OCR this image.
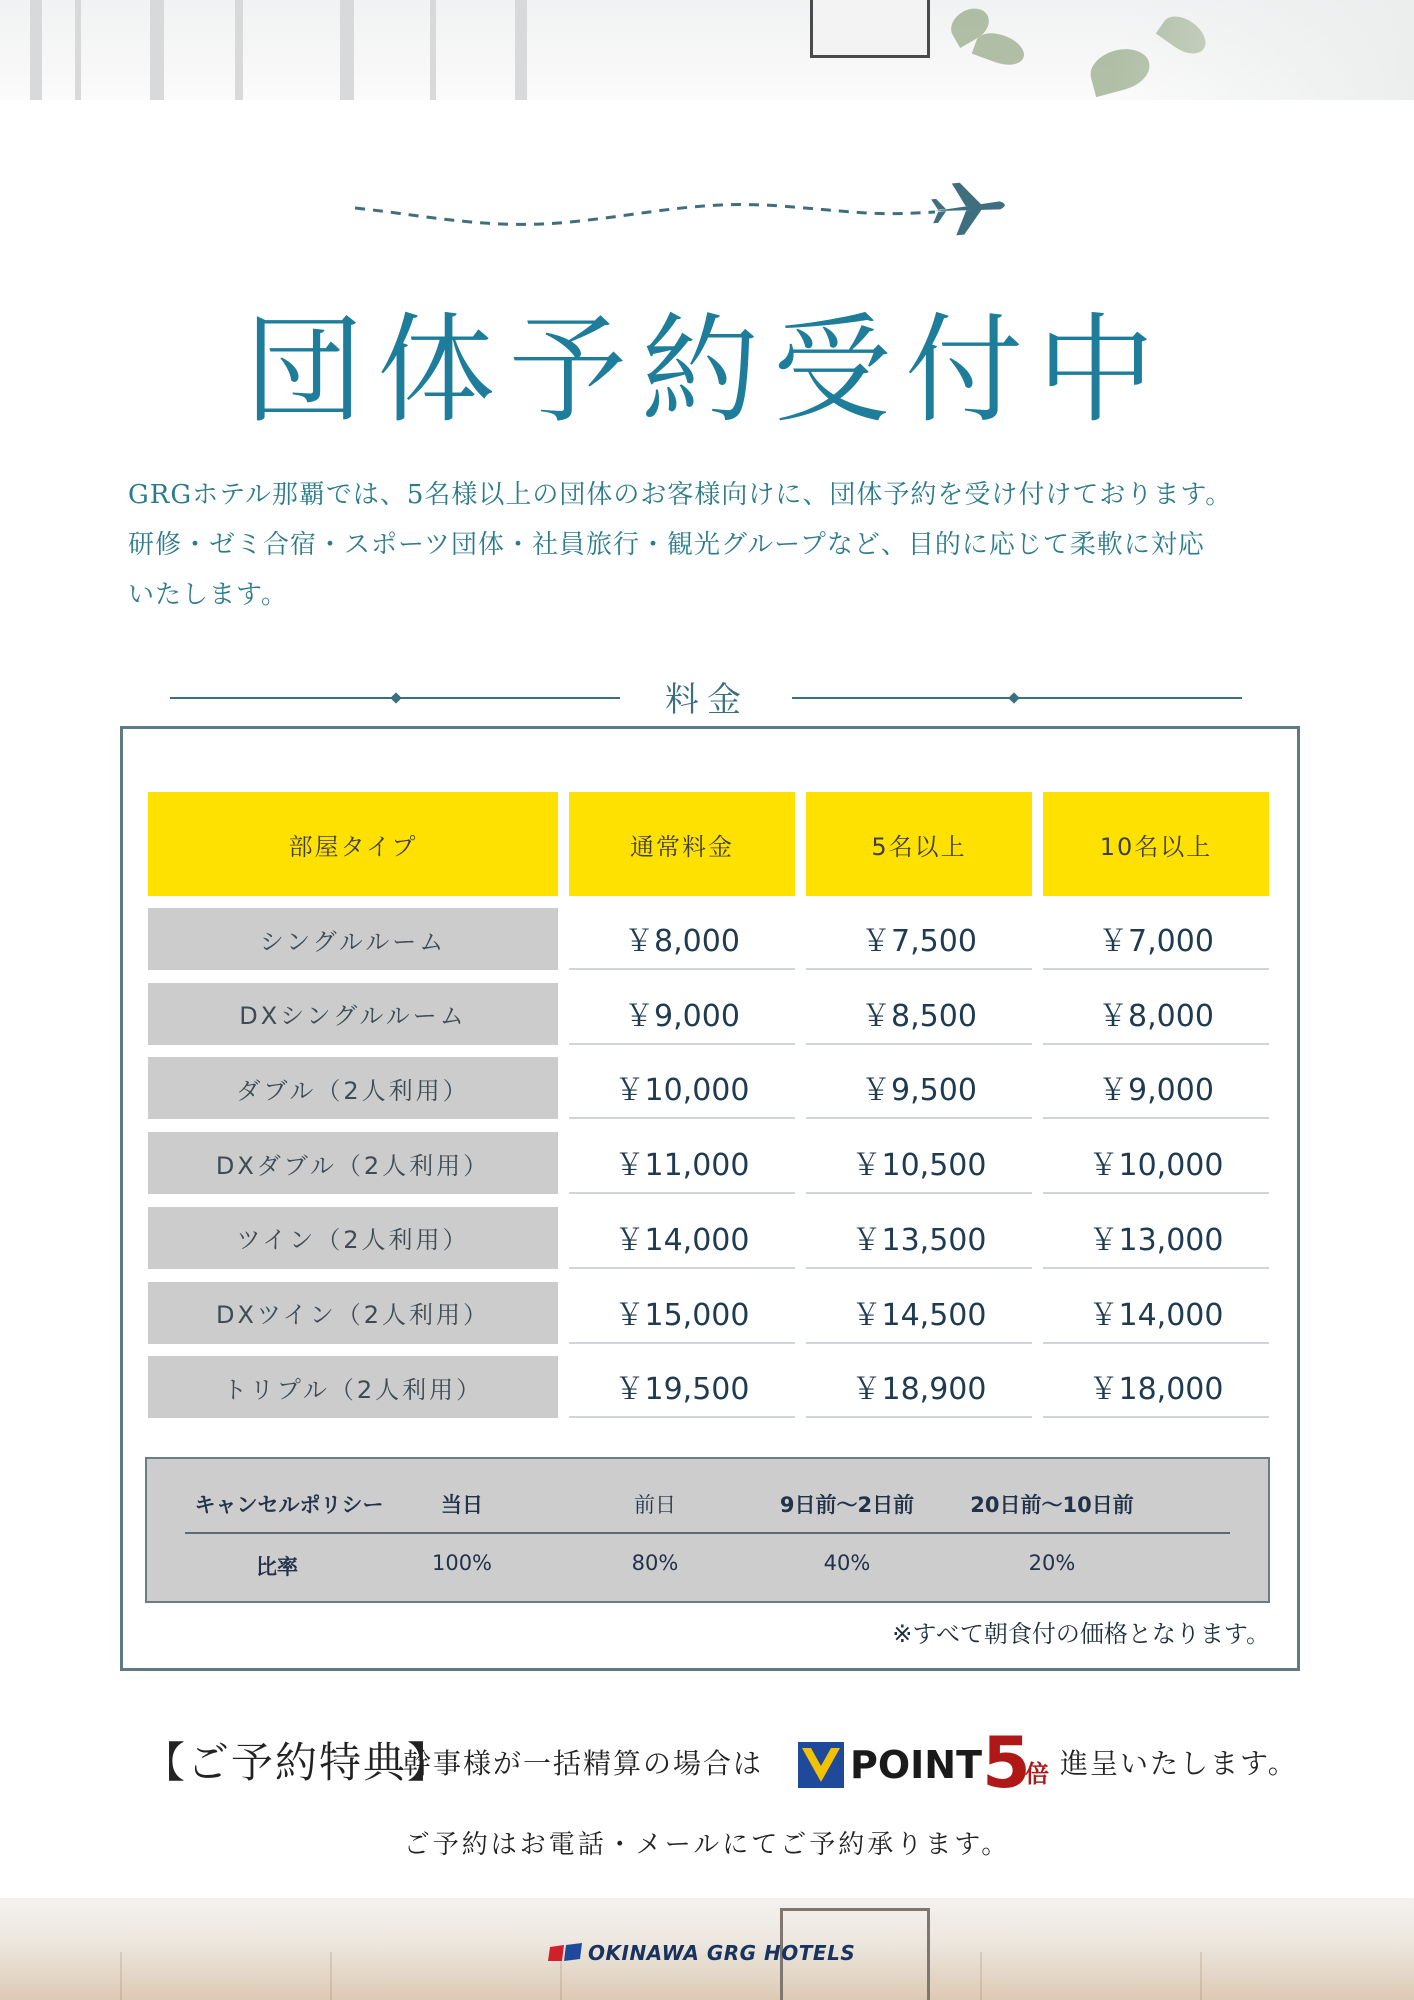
団体予約受付中

GRGホテル那覇では、5名様以上の団体のお客様向けに、団体予約を受け付けております。

研修・ゼミ合宿・スポーツ団体・社員旅行・観光グループなど、目的に応じて柔軟に対応

いたします。

料金
部屋タイプ	通常料金	5名以上	10名以上
シングルルーム	￥8,000	￥7,500	￥7,000
DXシングルルーム	￥9,000	￥8,500	￥8,000
ダブル（2人利用）	￥10,000	￥9,500	￥9,000
DXダブル（2人利用）	￥11,000	￥10,500	￥10,000
ツイン（2人利用）	￥14,000	￥13,500	￥13,000
DXツイン（2人利用）	￥15,000	￥14,500	￥14,000
トリプル（2人利用）	￥19,500	￥18,900	￥18,000
キャンセルポリシー	当日	前日	9日前〜2日前	20日前〜10日前
比率	100%	80%	40%	20%
※すべて朝食付の価格となります。
【ご予約特典】
幹事様が一括精算の場合は POINT 5
倍 進呈いたします。
ご予約はお電話・メールにてご予約承ります。
OKINAWA GRG HOTELS
